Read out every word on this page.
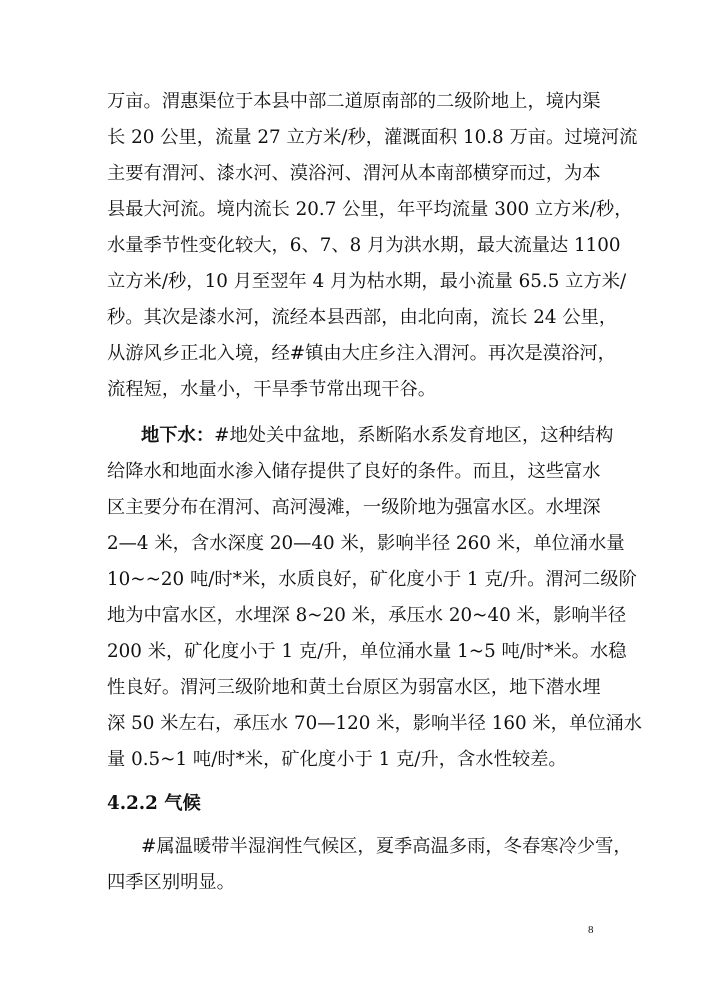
万亩。渭惠渠位于本县中部二道原南部的二级阶地上，境内渠
长 20 公里，流量 27 立方米/秒，灌溉面积 10.8 万亩。过境河流
主要有渭河、漆水河、漠浴河、渭河从本南部横穿而过，为本
县最大河流。境内流长 20.7 公里，年平均流量 300 立方米/秒，
水量季节性变化较大，6、7、8 月为洪水期，最大流量达 1100
立方米/秒，10 月至翌年 4 月为枯水期，最小流量 65.5 立方米/
秒。其次是漆水河，流经本县西部，由北向南，流长 24 公里，
从游风乡正北入境，经#镇由大庄乡注入渭河。再次是漠浴河，
流程短，水量小，干旱季节常出现干谷。
地下水：#地处关中盆地，系断陷水系发育地区，这种结构
给降水和地面水渗入储存提供了良好的条件。而且，这些富水
区主要分布在渭河、高河漫滩，一级阶地为强富水区。水埋深
2—4 米，含水深度 20—40 米，影响半径 260 米，单位涌水量
10~~20 吨/时*米，水质良好，矿化度小于 1 克/升。渭河二级阶
地为中富水区，水埋深 8~20 米，承压水 20~40 米，影响半径
200 米，矿化度小于 1 克/升，单位涌水量 1~5 吨/时*米。水稳
性良好。渭河三级阶地和黄土台原区为弱富水区，地下潜水埋
深 50 米左右，承压水 70—120 米，影响半径 160 米，单位涌水
量 0.5~1 吨/时*米，矿化度小于 1 克/升，含水性较差。
4.2.2 气候
#属温暖带半湿润性气候区，夏季高温多雨，冬春寒冷少雪，
四季区别明显。
8
